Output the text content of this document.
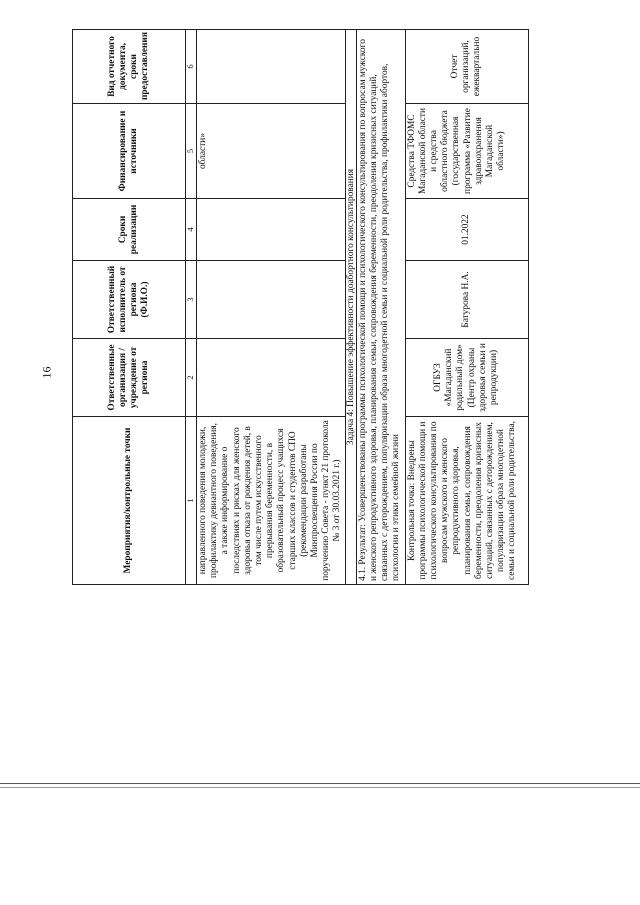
16
Мероприятия/контрольные точки	Ответственные организация / учреждение от региона	Ответственный исполнитель от региона (Ф.И.О.)	Сроки реализации	Финансирование и источники	Вид отчетного документа, сроки предоставления
1	2	3	4	5	6
направленного поведения молодежи, профилактику девиантного поведения, а также информирование о последствиях и рисках для женского здоровья отказа от рождения детей, в том числе путем искусственного прерывания беременности, в образовательный процесс учащихся старших классов и студентов СПО (рекомендации разработаны Минпросвещения России по поручению Совета - пункт 21 протокола № 3 от 30.03.2021 г.)				области»	
Задача 4: Повышение эффективности доабортного консультирования					
4.1. Результат: Усовершенствованы программы психологической помощи и психологического консультирования по вопросам мужского и женского репродуктивного здоровья, планирования семьи, сопровождения беременности, преодоления кризисных ситуаций, связанных с деторождением, популяризации образа многодетной семьи и социальной роли родительства, профилактики абортов, психологии и этики семейной жизни					
Контрольная точка: Внедрены программы психологической помощи и психологического консультирования по вопросам мужского и женского репродуктивного здоровья, планирования семьи, сопровождения беременности, преодоления кризисных ситуаций, связанных с деторождением, популяризации образа многодетной семьи и социальной роли родительства,	ОГБУЗ «Магаданский родильный дом» (Центр охраны здоровья семьи и репродукции)	Батурова Н.А.	01.2022	Средства ТФОМС Магаданской области и средства областного бюджета (государственная программа «Развитие здравоохранения Магаданской области»)	Отчет организаций, ежеквартально
